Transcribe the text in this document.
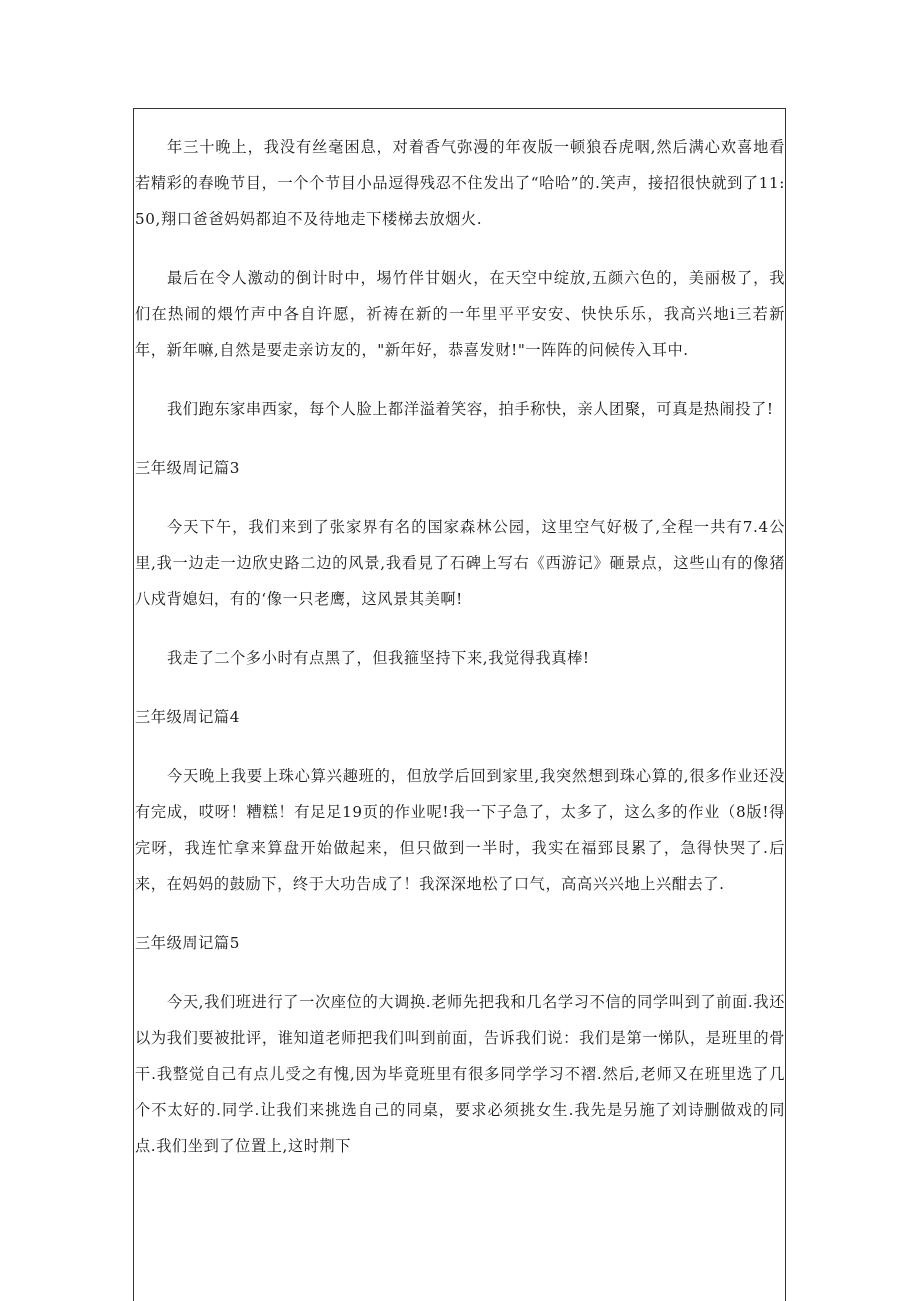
年三十晚上，我没有丝毫困息，对着香气弥漫的年夜版一顿狼吞虎咽,然后满心欢喜地看若精彩的春晚节目，一个个节目小品逗得残忍不住发出了“哈哈”的.笑声，接招很快就到了11:50,翔口爸爸妈妈都迫不及待地走下楼梯去放烟火.

最后在令人激动的倒计时中，埸竹伴甘姻火，在天空中绽放,五颜六色的，美丽极了，我们在热闹的煨竹声中各自许愿，祈祷在新的一年里平平安安、快快乐乐，我高兴地i三若新年，新年嘛,自然是要走亲访友的，"新年好，恭喜发财!"一阵阵的问候传入耳中.

我们跑东家串西家，每个人脸上都洋溢着笑容，拍手称快，亲人团聚，可真是热闹投了!

三年级周记篇3

今天下午，我们来到了张家界有名的国家森林公园，这里空气好极了,全程一共有7.4公里,我一边走一边欣史路二边的风景,我看見了石碑上写右《西游记》砸景点，这些山有的像猪八戍背媳妇，有的‘像一只老鹰，这风景其美啊!

我走了二个多小时有点黑了，但我箍坚持下来,我觉得我真棒!

三年级周记篇4

今天晚上我要上珠心算兴趣班的，但放学后回到家里,我突然想到珠心算的,很多作业还没有完成，哎呀！糟糕！有足足19页的作业呢!我一下子急了，太多了，这么多的作业（8版!得完呀，我连忙拿来算盘开始做起来，但只做到一半时，我实在福郅艮累了，急得快哭了.后来，在妈妈的鼓励下，终于大功告成了！我深深地松了口气，高高兴兴地上兴酣去了.

三年级周记篇5

今天,我们班进行了一次座位的大调换.老师先把我和几名学习不信的同学叫到了前面.我还以为我们要被批评，谁知道老师把我们叫到前面，告诉我们说：我们是第一悌队，是班里的骨干.我整觉自己有点儿受之有愧,因为毕竟班里有很多同学学习不褶.然后,老师又在班里选了几个不太好的.同学.让我们来挑选自己的同桌，要求必须挑女生.我先是另施了刘诗删做戏的同点.我们坐到了位置上,这时荆下
